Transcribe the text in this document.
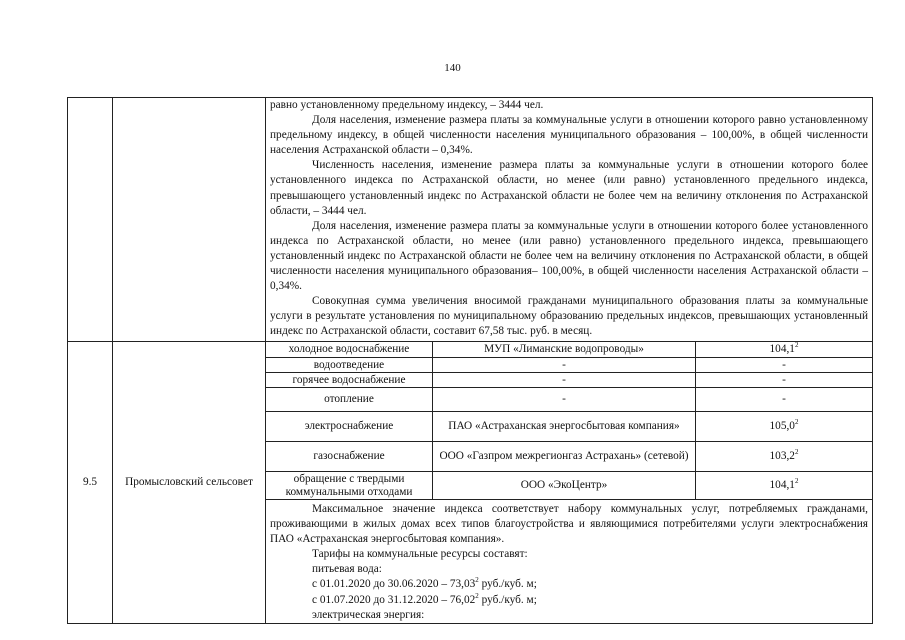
140

равно установленному предельному индексу, – 3444 чел.

Доля населения, изменение размера платы за коммунальные услуги в отношении которого равно установленному предельному индексу, в общей численности населения муниципального образования – 100,00%, в общей численности населения Астраханской области – 0,34%.

Численность населения, изменение размера платы за коммунальные услуги в отношении которого более установленного индекса по Астраханской области, но менее (или равно) установленного предельного индекса, превышающего установленный индекс по Астраханской области не более чем на величину отклонения по Астраханской области, – 3444 чел.

Доля населения, изменение размера платы за коммунальные услуги в отношении которого более установленного индекса по Астраханской области, но менее (или равно) установленного предельного индекса, превышающего установленный индекс по Астраханской области не более чем на величину отклонения по Астраханской области, в общей численности населения муниципального образования– 100,00%, в общей численности населения Астраханской области – 0,34%.

Совокупная сумма увеличения вносимой гражданами муниципального образования платы за коммунальные услуги в результате установления по муниципальному образованию предельных индексов, превышающих установленный индекс по Астраханской области, составит 67,58 тыс. руб. в месяц.

9.5	Промысловский сельсовет	
холодное водоснабжение	МУП «Лиманские водопроводы»	104,1$^2$
водоотведение	-	-
горячее водоснабжение	-	-
отопление	-	-
электроснабжение	ПАО «Астраханская энергосбытовая компания»	105,0$^2$
газоснабжение	ООО «Газпром межрегионгаз Астрахань» (сетевой)	103,2$^2$
обращение с твердыми коммунальными отходами	ООО «ЭкоЦентр»	104,1$^2$

Максимальное значение индекса соответствует набору коммунальных услуг, потребляемых гражданами, проживающими в жилых домах всех типов благоустройства и являющимися потребителями услуги электроснабжения ПАО «Астраханская энергосбытовая компания».

Тарифы на коммунальные ресурсы составят:

питьевая вода:

с 01.01.2020 до 30.06.2020 – 73,03$^2$ руб./куб. м;

с 01.07.2020 до 31.12.2020 – 76,02$^2$ руб./куб. м;

электрическая энергия:
